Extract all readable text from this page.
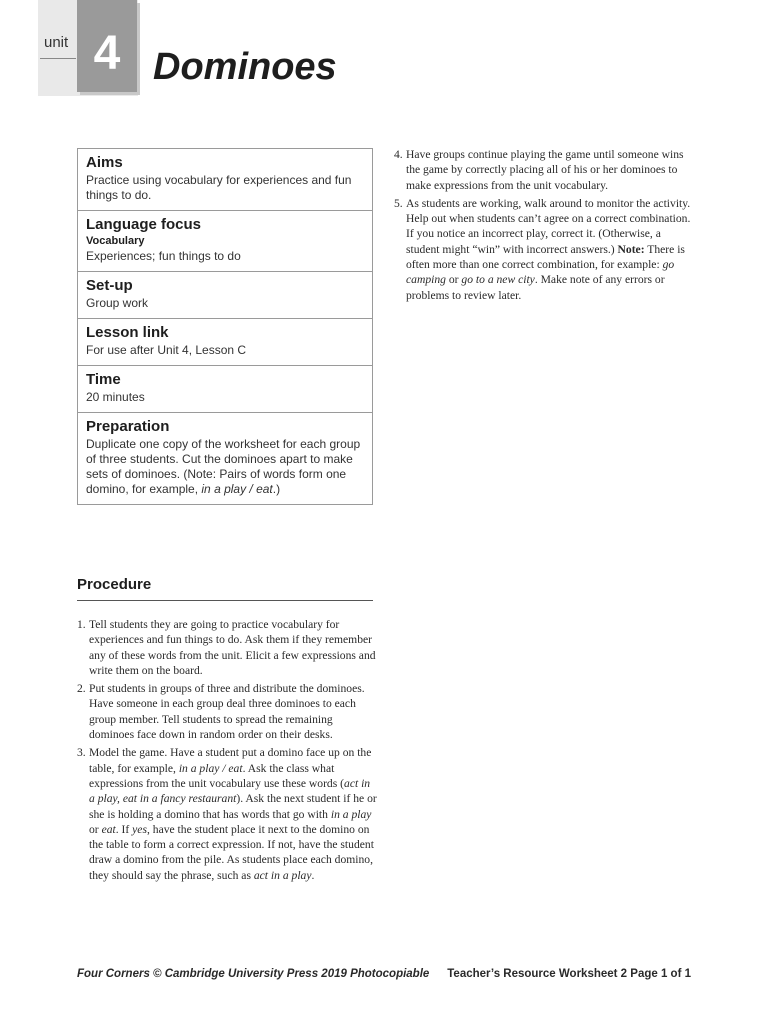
unit 4 Dominoes

Aims

Practice using vocabulary for experiences and fun things to do.

Language focus

Vocabulary

Experiences; fun things to do

Set-up

Group work

Lesson link

For use after Unit 4, Lesson C

Time

20 minutes

Preparation

Duplicate one copy of the worksheet for each group of three students. Cut the dominoes apart to make sets of dominoes. (Note: Pairs of words form one domino, for example, in a play / eat.)

Procedure
1. Tell students they are going to practice vocabulary for experiences and fun things to do. Ask them if they remember any of these words from the unit. Elicit a few expressions and write them on the board.
2. Put students in groups of three and distribute the dominoes. Have someone in each group deal three dominoes to each group member. Tell students to spread the remaining dominoes face down in random order on their desks.
3. Model the game. Have a student put a domino face up on the table, for example, in a play / eat. Ask the class what expressions from the unit vocabulary use these words (act in a play, eat in a fancy restaurant). Ask the next student if he or she is holding a domino that has words that go with in a play or eat. If yes, have the student place it next to the domino on the table to form a correct expression. If not, have the student draw a domino from the pile. As students place each domino, they should say the phrase, such as act in a play.
4. Have groups continue playing the game until someone wins the game by correctly placing all of his or her dominoes to make expressions from the unit vocabulary.
5. As students are working, walk around to monitor the activity. Help out when students can’t agree on a correct combination. If you notice an incorrect play, correct it. (Otherwise, a student might “win” with incorrect answers.) Note: There is often more than one correct combination, for example: go camping or go to a new city. Make note of any errors or problems to review later.
Four Corners © Cambridge University Press 2019 Photocopiable Teacher’s Resource Worksheet 2 Page 1 of 1
